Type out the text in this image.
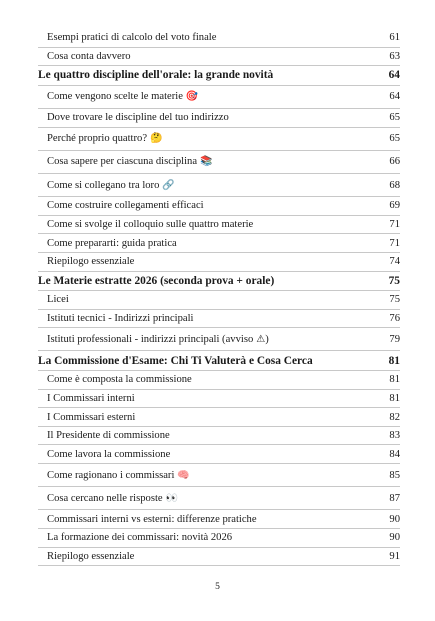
Esempi pratici di calcolo del voto finale	61
Cosa conta davvero	63
Le quattro discipline dell'orale: la grande novità	64
Come vengono scelte le materie 🎯	64
Dove trovare le discipline del tuo indirizzo	65
Perché proprio quattro? 🤔	65
Cosa sapere per ciascuna disciplina 📚	66
Come si collegano tra loro 🔗	68
Come costruire collegamenti efficaci	69
Come si svolge il colloquio sulle quattro materie	71
Come prepararti: guida pratica	71
Riepilogo essenziale	74
Le Materie estratte 2026 (seconda prova + orale)	75
Licei	75
Istituti tecnici - Indirizzi principali	76
Istituti professionali - indirizzi principali (avviso ⚠)	79
La Commissione d'Esame: Chi Ti Valuterà e Cosa Cerca	81
Come è composta la commissione	81
I Commissari interni	81
I Commissari esterni	82
Il Presidente di commissione	83
Come lavora la commissione	84
Come ragionano i commissari 🧠	85
Cosa cercano nelle risposte 👀	87
Commissari interni vs esterni: differenze pratiche	90
La formazione dei commissari: novità 2026	90
Riepilogo essenziale	91
5
